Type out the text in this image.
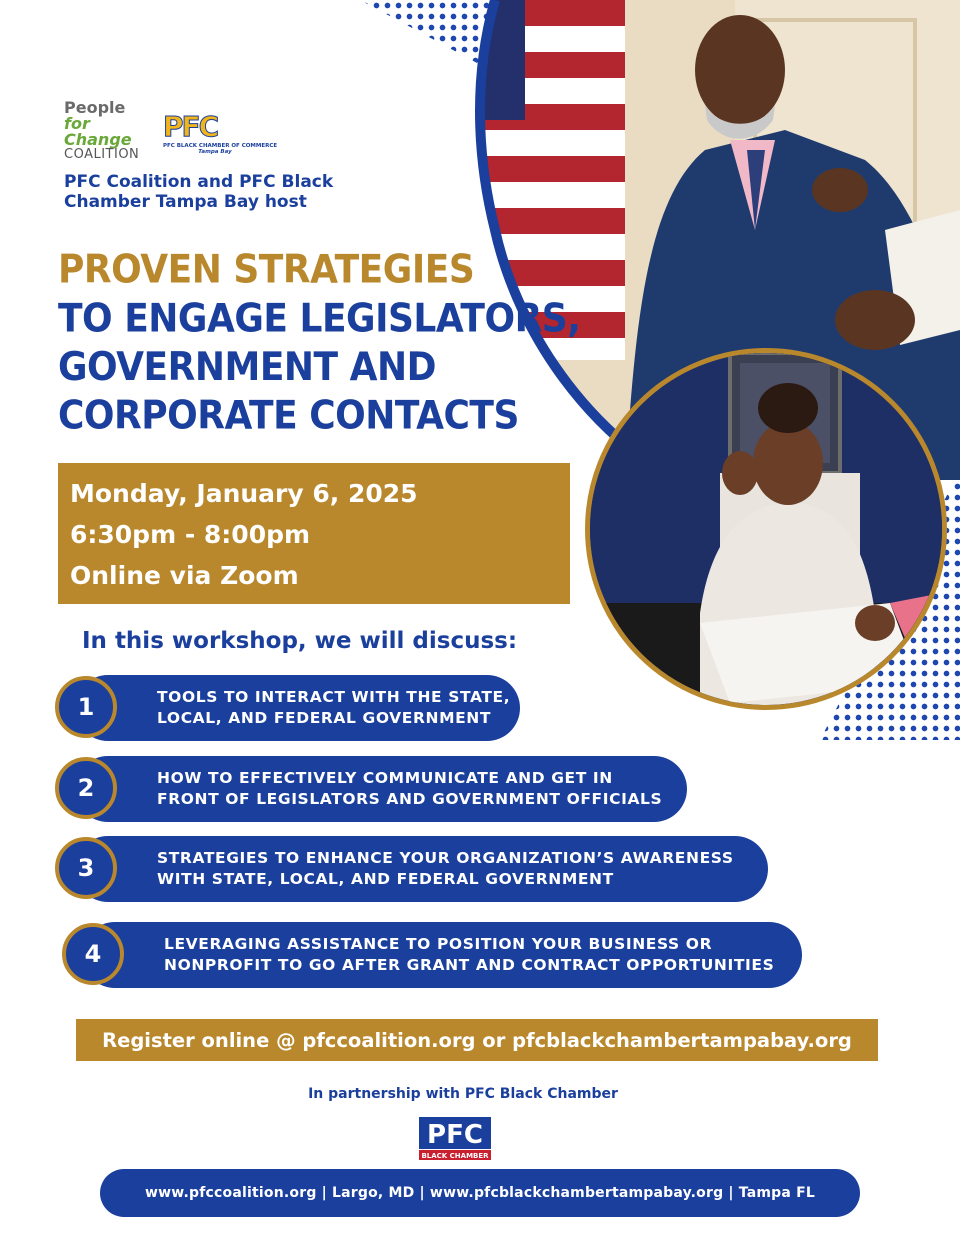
People
for Change
COALITION
PFC
PFC BLACK CHAMBER OF COMMERCE
Tampa Bay
PFC Coalition and PFC Black
Chamber Tampa Bay host
PROVEN STRATEGIES
TO ENGAGE LEGISLATORS,
GOVERNMENT AND
CORPORATE CONTACTS
Monday, January 6, 2025
6:30pm - 8:00pm
Online via Zoom
In this workshop, we will discuss:
1	TOOLS TO INTERACT WITH THE STATE,
LOCAL, AND FEDERAL GOVERNMENT
2	HOW TO EFFECTIVELY COMMUNICATE AND GET IN
FRONT OF LEGISLATORS AND GOVERNMENT OFFICIALS
3	STRATEGIES TO ENHANCE YOUR ORGANIZATION’S AWARENESS
WITH STATE, LOCAL, AND FEDERAL GOVERNMENT
4	LEVERAGING ASSISTANCE TO POSITION YOUR BUSINESS OR
NONPROFIT TO GO AFTER GRANT AND CONTRACT OPPORTUNITIES
Register online @ pfccoalition.org or pfcblackchambertampabay.org
In partnership with PFC Black Chamber
PFC
BLACK CHAMBER
www.pfccoalition.org | Largo, MD | www.pfcblackchambertampabay.org | Tampa FL
